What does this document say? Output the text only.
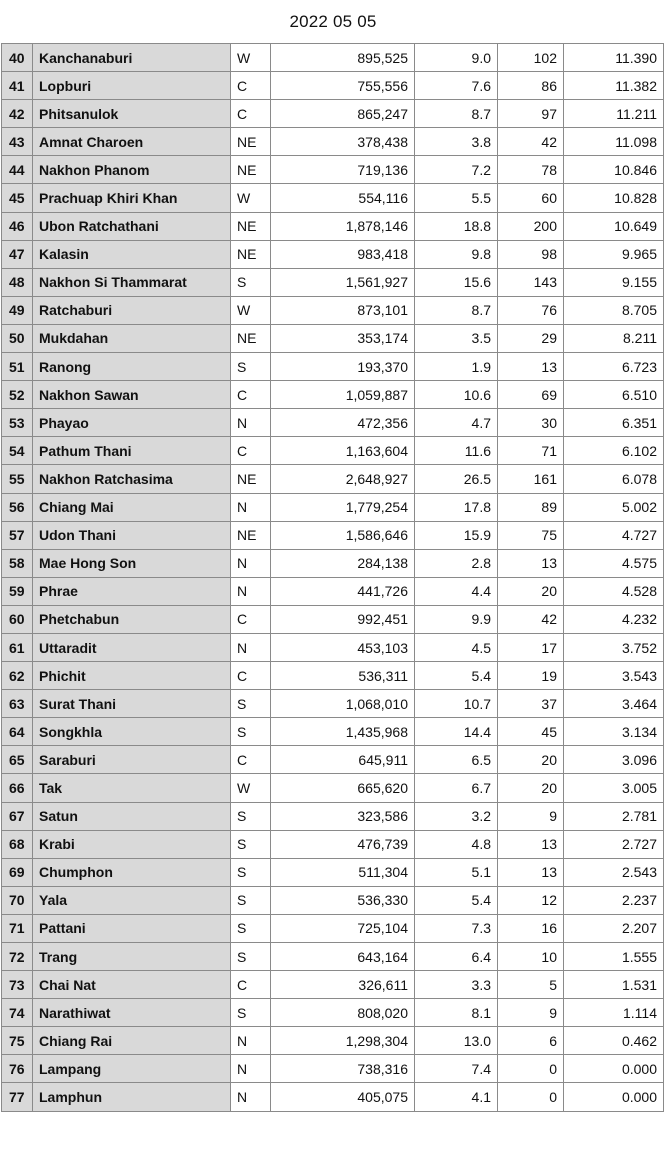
2022 05 05
40	Kanchanaburi	W	895,525	9.0	102	11.390
41	Lopburi	C	755,556	7.6	86	11.382
42	Phitsanulok	C	865,247	8.7	97	11.211
43	Amnat Charoen	NE	378,438	3.8	42	11.098
44	Nakhon Phanom	NE	719,136	7.2	78	10.846
45	Prachuap Khiri Khan	W	554,116	5.5	60	10.828
46	Ubon Ratchathani	NE	1,878,146	18.8	200	10.649
47	Kalasin	NE	983,418	9.8	98	9.965
48	Nakhon Si Thammarat	S	1,561,927	15.6	143	9.155
49	Ratchaburi	W	873,101	8.7	76	8.705
50	Mukdahan	NE	353,174	3.5	29	8.211
51	Ranong	S	193,370	1.9	13	6.723
52	Nakhon Sawan	C	1,059,887	10.6	69	6.510
53	Phayao	N	472,356	4.7	30	6.351
54	Pathum Thani	C	1,163,604	11.6	71	6.102
55	Nakhon Ratchasima	NE	2,648,927	26.5	161	6.078
56	Chiang Mai	N	1,779,254	17.8	89	5.002
57	Udon Thani	NE	1,586,646	15.9	75	4.727
58	Mae Hong Son	N	284,138	2.8	13	4.575
59	Phrae	N	441,726	4.4	20	4.528
60	Phetchabun	C	992,451	9.9	42	4.232
61	Uttaradit	N	453,103	4.5	17	3.752
62	Phichit	C	536,311	5.4	19	3.543
63	Surat Thani	S	1,068,010	10.7	37	3.464
64	Songkhla	S	1,435,968	14.4	45	3.134
65	Saraburi	C	645,911	6.5	20	3.096
66	Tak	W	665,620	6.7	20	3.005
67	Satun	S	323,586	3.2	9	2.781
68	Krabi	S	476,739	4.8	13	2.727
69	Chumphon	S	511,304	5.1	13	2.543
70	Yala	S	536,330	5.4	12	2.237
71	Pattani	S	725,104	7.3	16	2.207
72	Trang	S	643,164	6.4	10	1.555
73	Chai Nat	C	326,611	3.3	5	1.531
74	Narathiwat	S	808,020	8.1	9	1.114
75	Chiang Rai	N	1,298,304	13.0	6	0.462
76	Lampang	N	738,316	7.4	0	0.000
77	Lamphun	N	405,075	4.1	0	0.000
